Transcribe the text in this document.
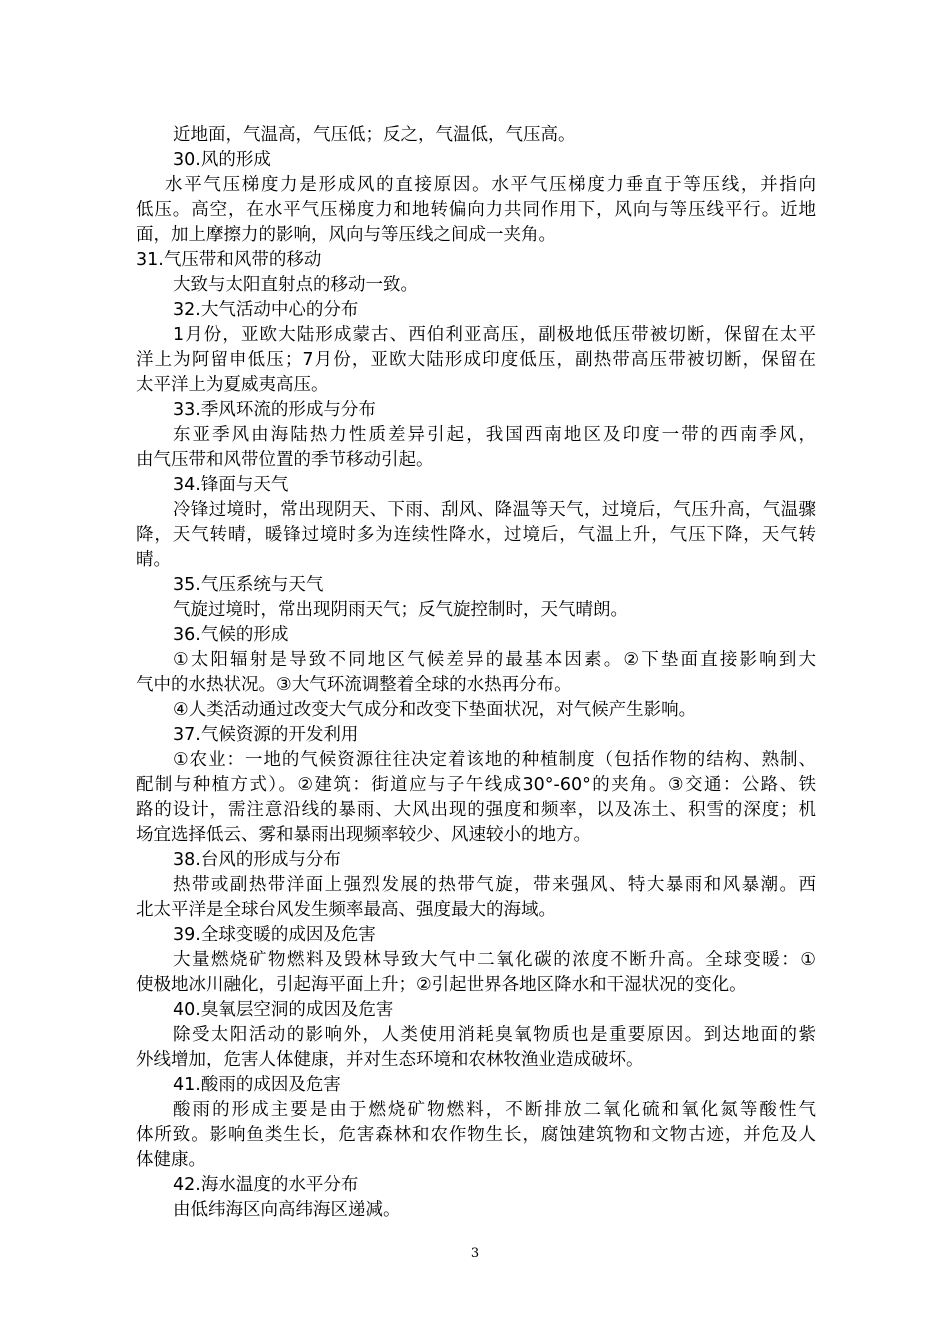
近地面，气温高，气压低；反之，气温低，气压高。
30.风的形成
水平气压梯度力是形成风的直接原因。水平气压梯度力垂直于等压线，并指向
低压。高空，在水平气压梯度力和地转偏向力共同作用下，风向与等压线平行。近地
面，加上摩擦力的影响，风向与等压线之间成一夹角。
31.气压带和风带的移动
大致与太阳直射点的移动一致。
32.大气活动中心的分布
1月份，亚欧大陆形成蒙古、西伯利亚高压，副极地低压带被切断，保留在太平
洋上为阿留申低压；7月份，亚欧大陆形成印度低压，副热带高压带被切断，保留在
太平洋上为夏威夷高压。
33.季风环流的形成与分布
东亚季风由海陆热力性质差异引起，我国西南地区及印度一带的西南季风，
由气压带和风带位置的季节移动引起。
34.锋面与天气
冷锋过境时，常出现阴天、下雨、刮风、降温等天气，过境后，气压升高，气温骤
降，天气转晴，暖锋过境时多为连续性降水，过境后，气温上升，气压下降，天气转
晴。
35.气压系统与天气
气旋过境时，常出现阴雨天气；反气旋控制时，天气晴朗。
36.气候的形成
①太阳辐射是导致不同地区气候差异的最基本因素。②下垫面直接影响到大
气中的水热状况。③大气环流调整着全球的水热再分布。
④人类活动通过改变大气成分和改变下垫面状况，对气候产生影响。
37.气候资源的开发利用
①农业：一地的气候资源往往决定着该地的种植制度（包括作物的结构、熟制、
配制与种植方式）。②建筑：街道应与子午线成30°-60°的夹角。③交通：公路、铁
路的设计，需注意沿线的暴雨、大风出现的强度和频率，以及冻土、积雪的深度；机
场宜选择低云、雾和暴雨出现频率较少、风速较小的地方。
38.台风的形成与分布
热带或副热带洋面上强烈发展的热带气旋，带来强风、特大暴雨和风暴潮。西
北太平洋是全球台风发生频率最高、强度最大的海域。
39.全球变暖的成因及危害
大量燃烧矿物燃料及毁林导致大气中二氧化碳的浓度不断升高。全球变暖：①
使极地冰川融化，引起海平面上升；②引起世界各地区降水和干湿状况的变化。
40.臭氧层空洞的成因及危害
除受太阳活动的影响外，人类使用消耗臭氧物质也是重要原因。到达地面的紫
外线增加，危害人体健康，并对生态环境和农林牧渔业造成破坏。
41.酸雨的成因及危害
酸雨的形成主要是由于燃烧矿物燃料，不断排放二氧化硫和氧化氮等酸性气
体所致。影响鱼类生长，危害森林和农作物生长，腐蚀建筑物和文物古迹，并危及人
体健康。
42.海水温度的水平分布
由低纬海区向高纬海区递减。
3
